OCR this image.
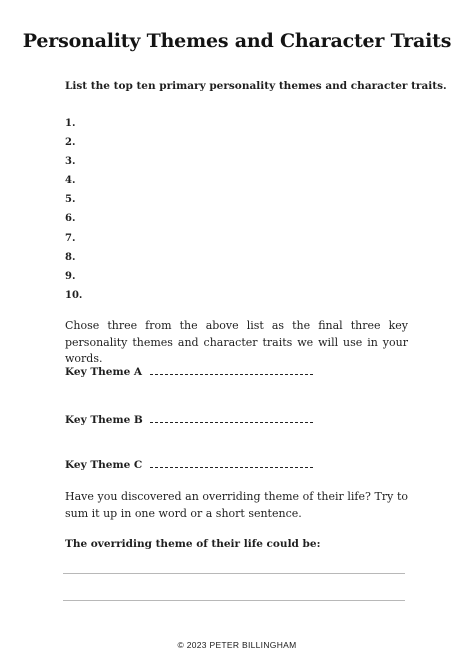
Personality Themes and Character Traits
List the top ten primary personality themes and character traits.
1.
2.
3.
4.
5.
6.
7.
8.
9.
10.
Chose three from the above list as the final three key personality themes and character traits we will use in your words.
Key Theme A
Key Theme B
Key Theme C
Have you discovered an overriding theme of their life? Try to sum it up in one word or a short sentence.
The overriding theme of their life could be:
© 2023 PETER BILLINGHAM
